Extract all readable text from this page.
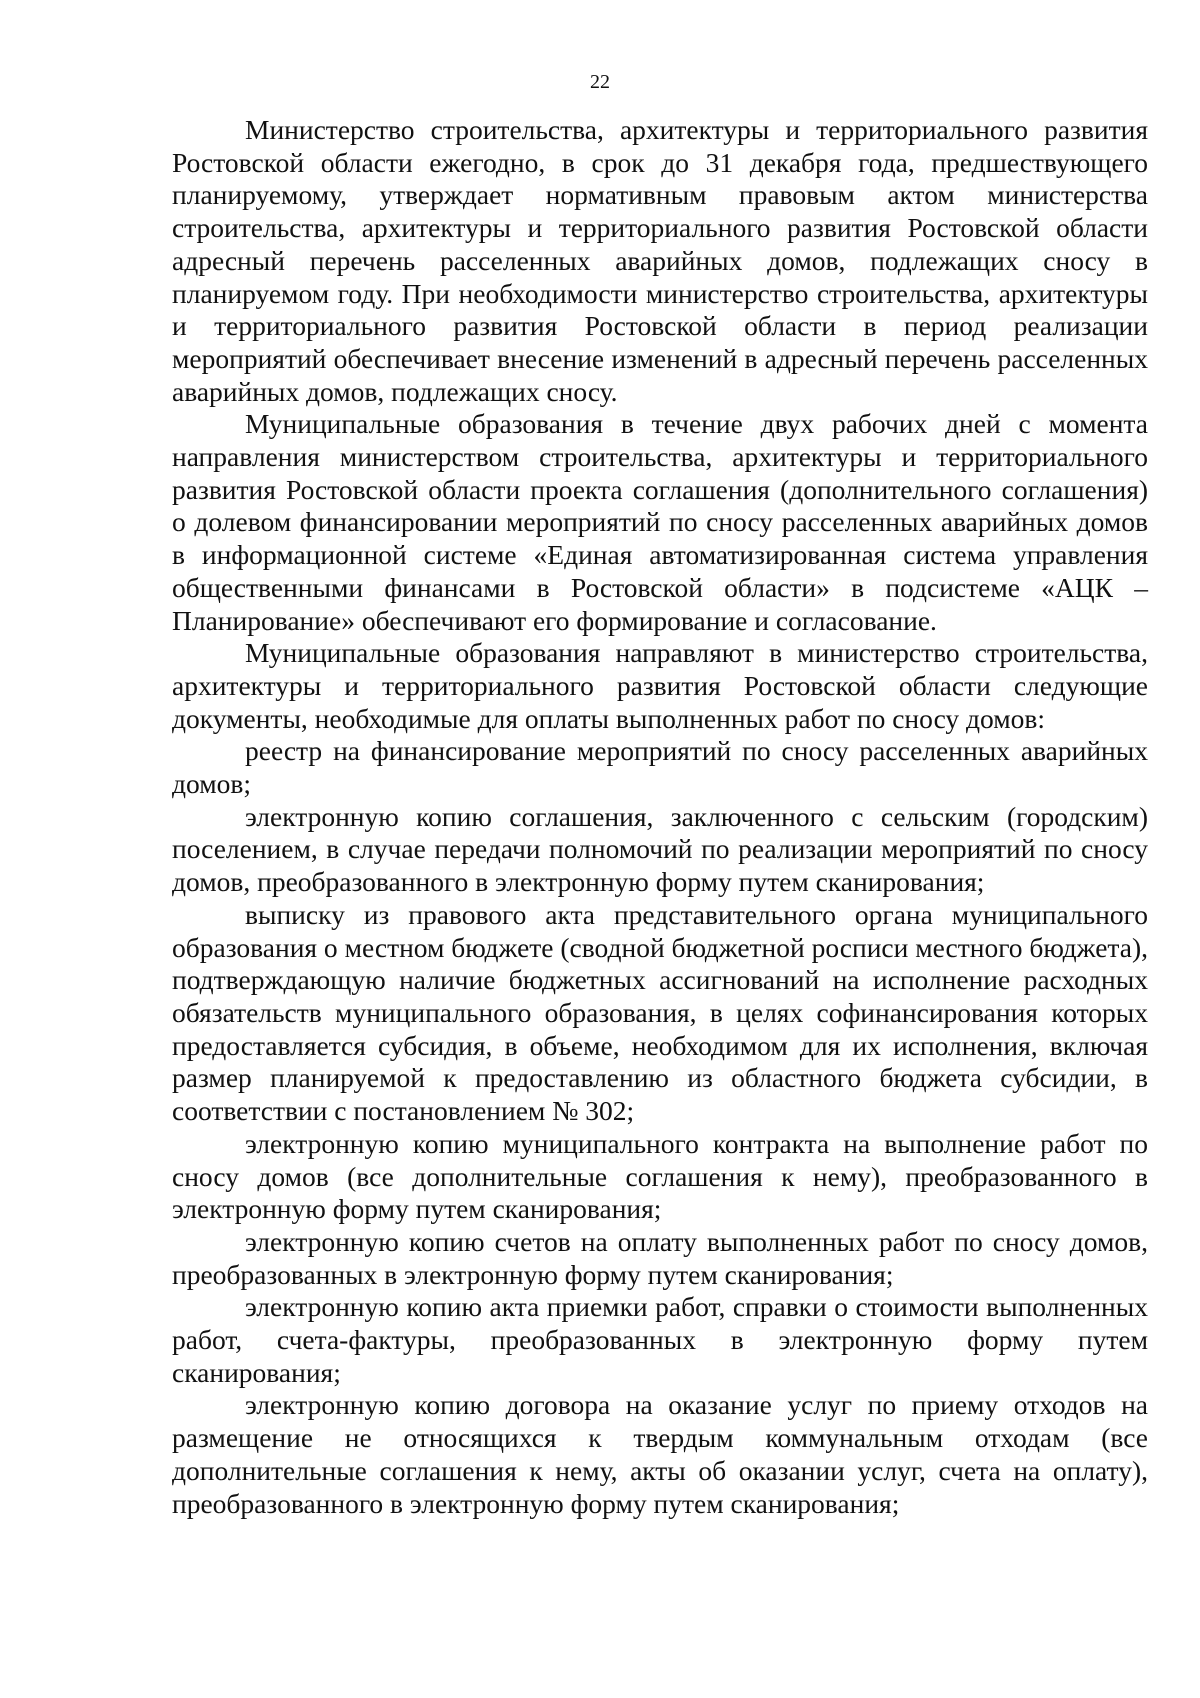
22

Министерство строительства, архитектуры и территориального развития Ростовской области ежегодно, в срок до 31 декабря года, предшествующего планируемому, утверждает нормативным правовым актом министерства строительства, архитектуры и территориального развития Ростовской области адресный перечень расселенных аварийных домов, подлежащих сносу в планируемом году. При необходимости министерство строительства, архитектуры и территориального развития Ростовской области в период реализации мероприятий обеспечивает внесение изменений в адресный перечень расселенных аварийных домов, подлежащих сносу.

Муниципальные образования в течение двух рабочих дней с момента направления министерством строительства, архитектуры и территориального развития Ростовской области проекта соглашения (дополнительного соглашения) о долевом финансировании мероприятий по сносу расселенных аварийных домов в информационной системе «Единая автоматизированная система управления общественными финансами в Ростовской области» в подсистеме «АЦК – Планирование» обеспечивают его формирование и согласование.

Муниципальные образования направляют в министерство строительства, архитектуры и территориального развития Ростовской области следующие документы, необходимые для оплаты выполненных работ по сносу домов:

реестр на финансирование мероприятий по сносу расселенных аварийных домов;

электронную копию соглашения, заключенного с сельским (городским) поселением, в случае передачи полномочий по реализации мероприятий по сносу домов, преобразованного в электронную форму путем сканирования;

выписку из правового акта представительного органа муниципального образования о местном бюджете (сводной бюджетной росписи местного бюджета), подтверждающую наличие бюджетных ассигнований на исполнение расходных обязательств муниципального образования, в целях софинансирования которых предоставляется субсидия, в объеме, необходимом для их исполнения, включая размер планируемой к предоставлению из областного бюджета субсидии, в соответствии с постановлением № 302;

электронную копию муниципального контракта на выполнение работ по сносу домов (все дополнительные соглашения к нему), преобразованного в электронную форму путем сканирования;

электронную копию счетов на оплату выполненных работ по сносу домов, преобразованных в электронную форму путем сканирования;

электронную копию акта приемки работ, справки о стоимости выполненных работ, счета-фактуры, преобразованных в электронную форму путем сканирования;

электронную копию договора на оказание услуг по приему отходов на размещение не относящихся к твердым коммунальным отходам (все дополнительные соглашения к нему, акты об оказании услуг, счета на оплату), преобразованного в электронную форму путем сканирования;
